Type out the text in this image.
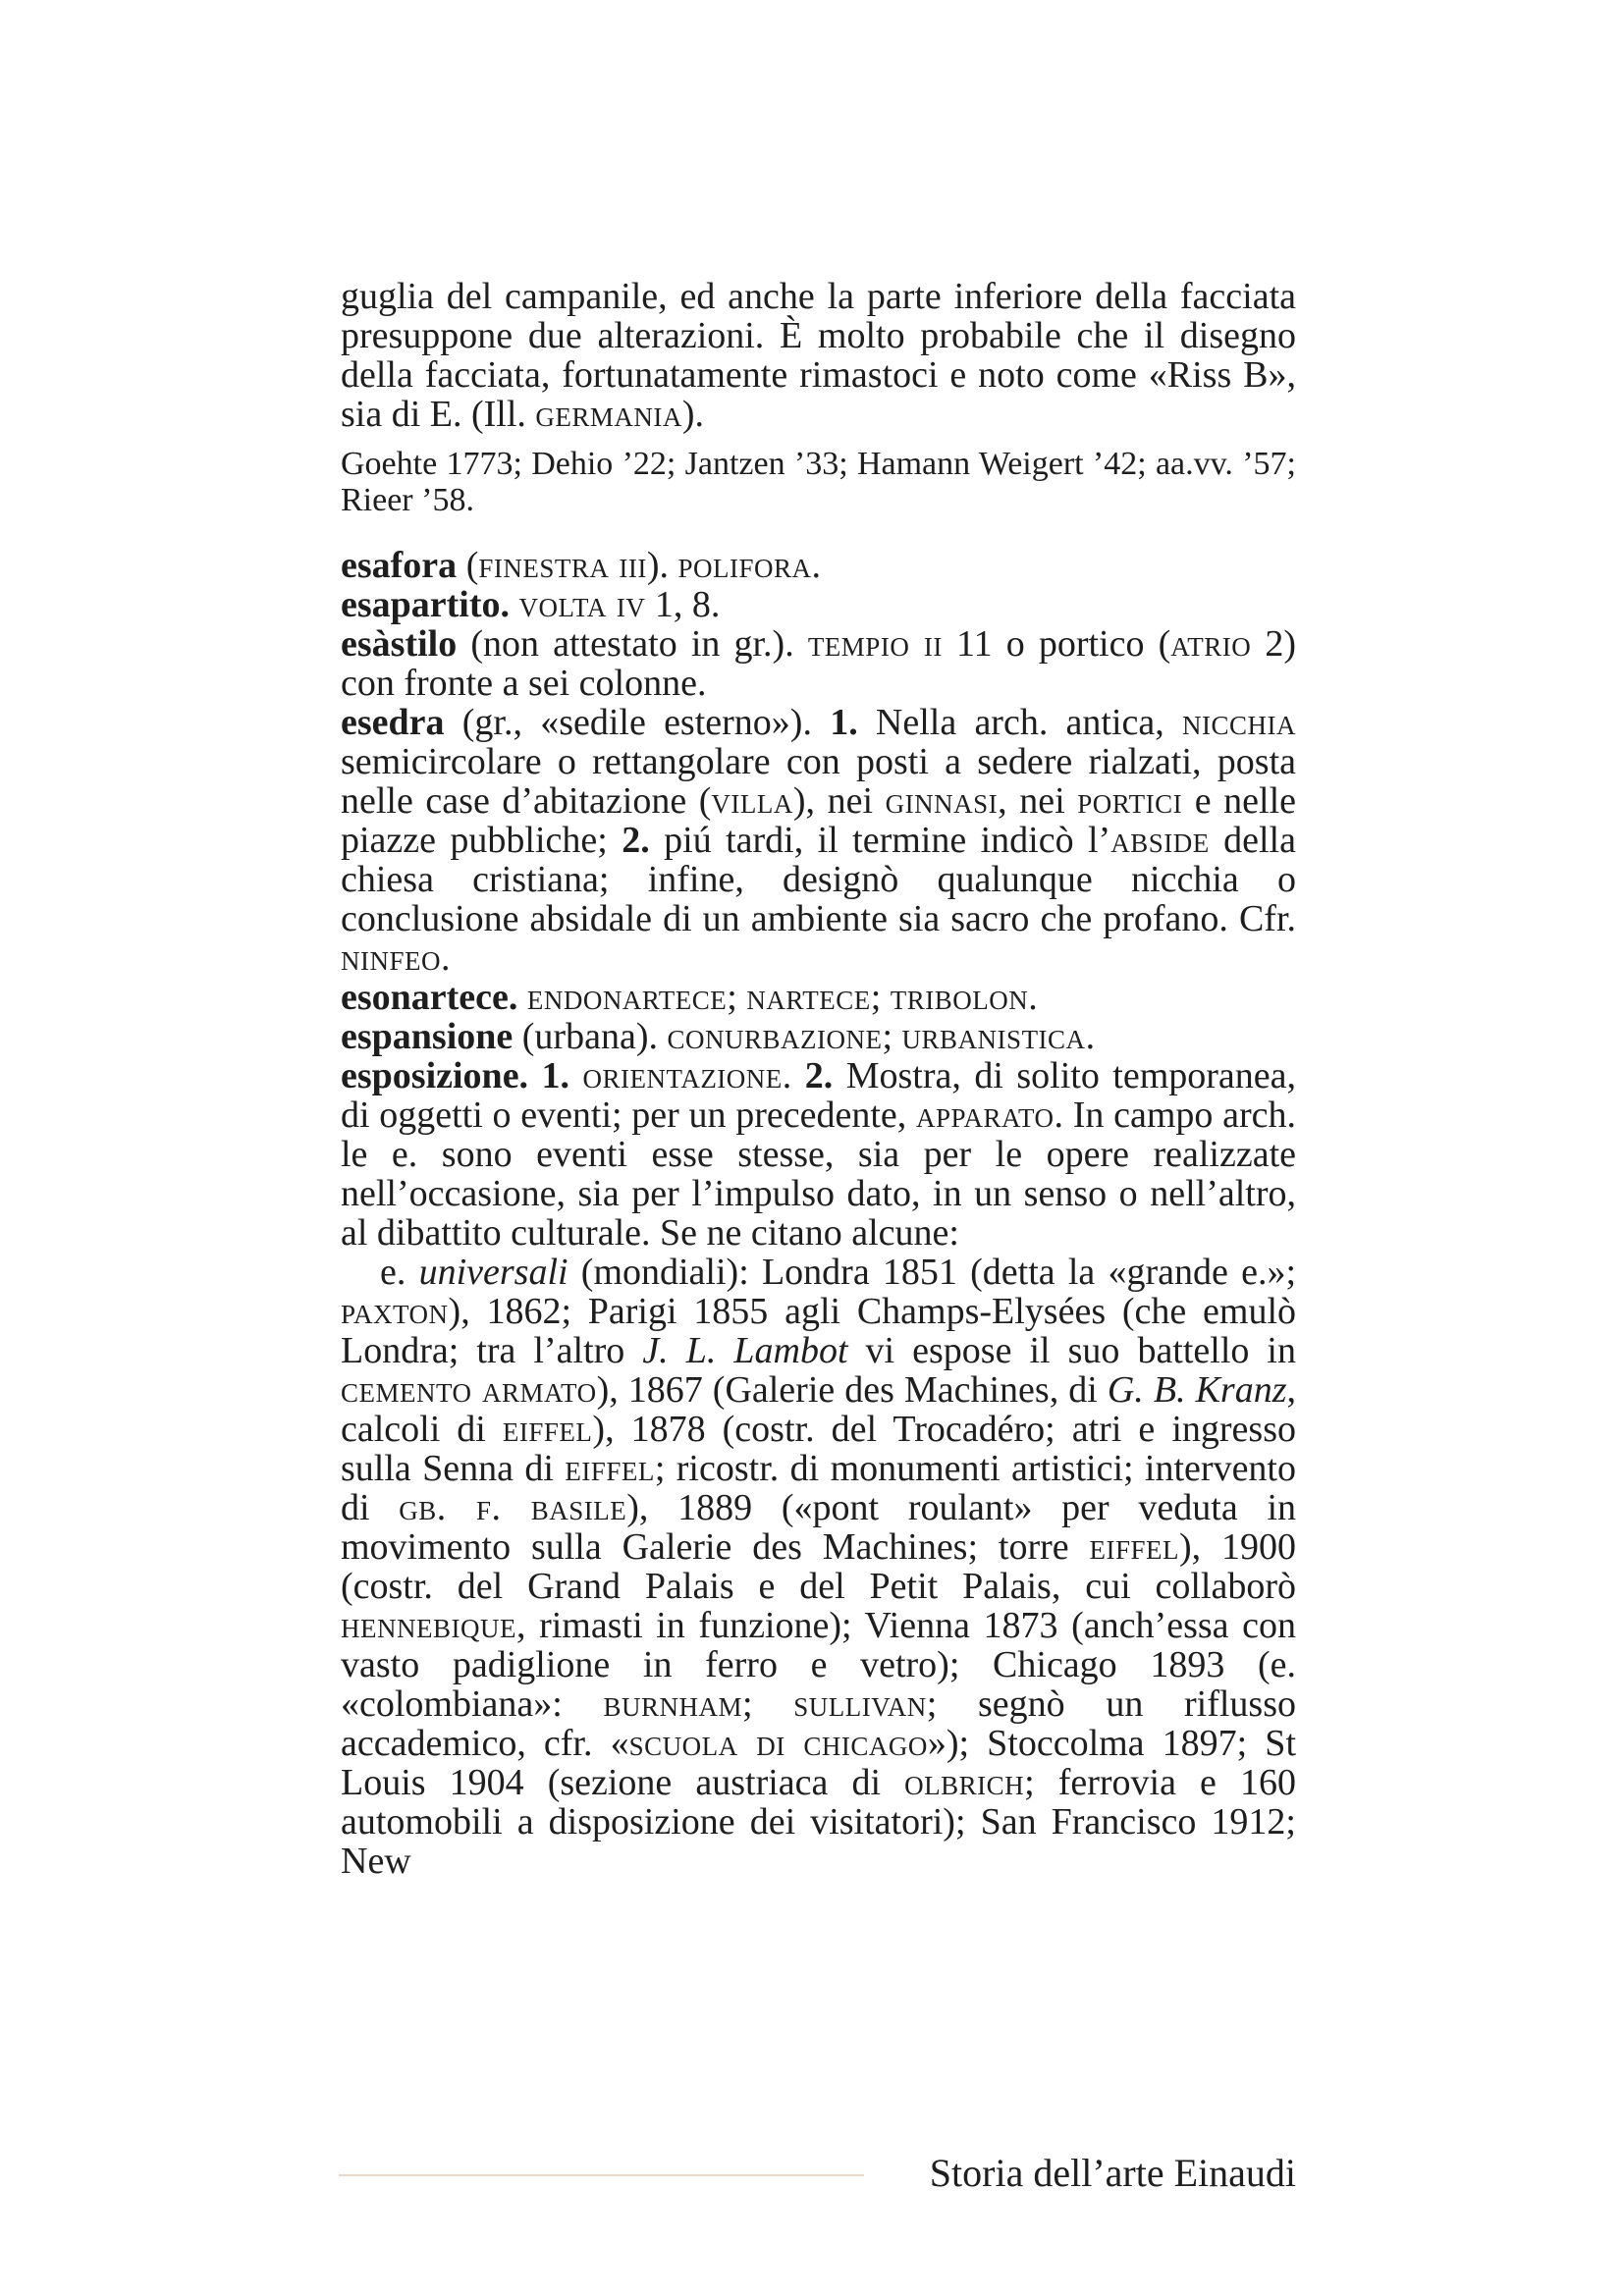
guglia del campanile, ed anche la parte inferiore della facciata presuppone due alterazioni. È molto probabile che il disegno della facciata, fortunatamente rimastoci e noto come «Riss B», sia di E. (Ill. germania).

Goehte 1773; Dehio ’22; Jantzen ’33; Hamann Weigert ’42; aa.vv. ’57; Rieer ’58.

esafora (finestra iii). polifora.

esapartito. volta iv 1, 8.

esàstilo (non attestato in gr.). tempio ii 11 o portico (atrio 2) con fronte a sei colonne.

esedra (gr., «sedile esterno»). 1. Nella arch. antica, nicchia semicircolare o rettangolare con posti a sedere rialzati, posta nelle case d’abitazione (villa), nei ginnasi, nei portici e nelle piazze pubbliche; 2. piú tardi, il termine indicò l’abside della chiesa cristiana; infine, designò qualunque nicchia o conclusione absidale di un ambiente sia sacro che profano. Cfr. ninfeo.

esonartece. endonartece; nartece; tribolon.

espansione (urbana). conurbazione; urbanistica.

esposizione. 1. orientazione. 2. Mostra, di solito temporanea, di oggetti o eventi; per un precedente, apparato. In campo arch. le e. sono eventi esse stesse, sia per le opere realizzate nell’occasione, sia per l’impulso dato, in un senso o nell’altro, al dibattito culturale. Se ne citano alcune:

e. universali (mondiali): Londra 1851 (detta la «grande e.»; paxton), 1862; Parigi 1855 agli Champs-Elysées (che emulò Londra; tra l’altro J. L. Lambot vi espose il suo battello in cemento armato), 1867 (Galerie des Machines, di G. B. Kranz, calcoli di eiffel), 1878 (costr. del Trocadéro; atri e ingresso sulla Senna di eiffel; ricostr. di monumenti artistici; intervento di gb. f. basile), 1889 («pont roulant» per veduta in movimento sulla Galerie des Machines; torre eiffel), 1900 (costr. del Grand Palais e del Petit Palais, cui collaborò hennebique, rimasti in funzione); Vienna 1873 (anch’essa con vasto padiglione in ferro e vetro); Chicago 1893 (e. «colombiana»: burnham; sullivan; segnò un riflusso accademico, cfr. «scuola di chicago»); Stoccolma 1897; St Louis 1904 (sezione austriaca di olbrich; ferrovia e 160 automobili a disposizione dei visitatori); San Francisco 1912; New

Storia dell’arte Einaudi
